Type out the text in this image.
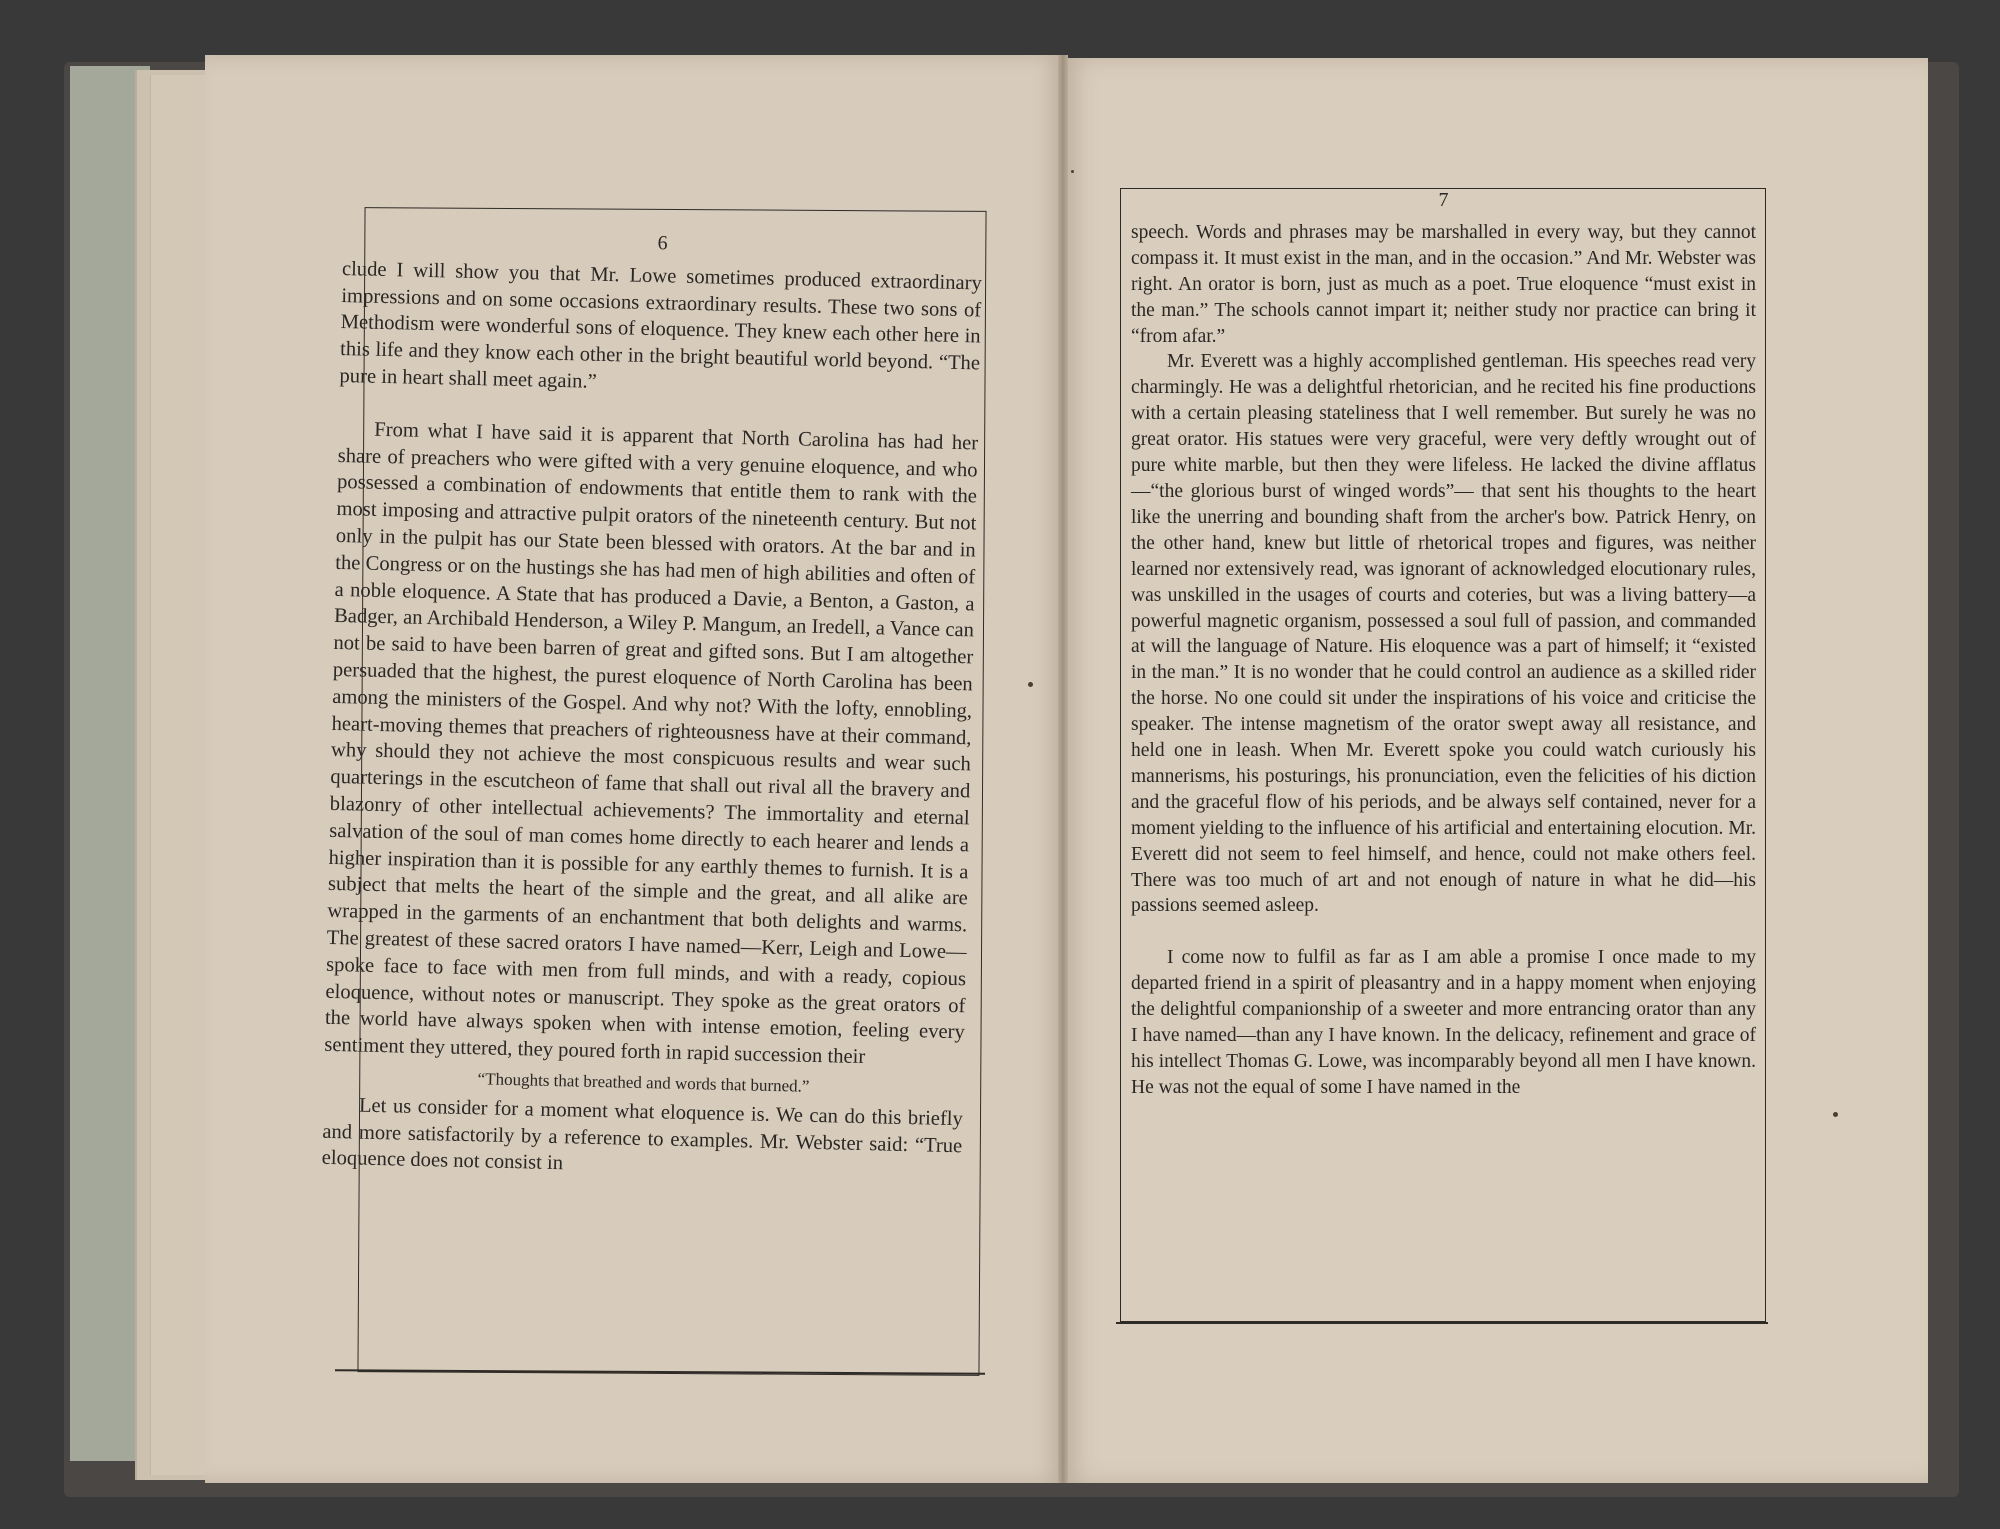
6

clude I will show you that Mr. Lowe sometimes produced extraordinary impressions and on some occasions extraordinary results. These two sons of Methodism were wonderful sons of eloquence. They knew each other here in this life and they know each other in the bright beautiful world beyond. “The pure in heart shall meet again.”

From what I have said it is apparent that North Carolina has had her share of preachers who were gifted with a very genuine eloquence, and who possessed a combination of endowments that entitle them to rank with the most imposing and attractive pulpit orators of the nineteenth century. But not only in the pulpit has our State been blessed with orators. At the bar and in the Congress or on the hustings she has had men of high abilities and often of a noble eloquence. A State that has produced a Davie, a Benton, a Gaston, a Badger, an Archibald Henderson, a Wiley P. Mangum, an Iredell, a Vance can not be said to have been barren of great and gifted sons. But I am altogether persuaded that the highest, the purest eloquence of North Carolina has been among the ministers of the Gospel. And why not? With the lofty, ennobling, heart-moving themes that preachers of righteousness have at their command, why should they not achieve the most conspicuous results and wear such quarterings in the escutcheon of fame that shall out rival all the bravery and blazonry of other intellectual achievements? The immortality and eternal salvation of the soul of man comes home directly to each hearer and lends a higher inspiration than it is possible for any earthly themes to furnish. It is a subject that melts the heart of the simple and the great, and all alike are wrapped in the garments of an enchantment that both delights and warms. The greatest of these sacred orators I have named—Kerr, Leigh and Lowe—spoke face to face with men from full minds, and with a ready, copious eloquence, without notes or manuscript. They spoke as the great orators of the world have always spoken when with intense emotion, feeling every sentiment they uttered, they poured forth in rapid succession their

“Thoughts that breathed and words that burned.”

Let us consider for a moment what eloquence is. We can do this briefly and more satisfactorily by a reference to examples. Mr. Webster said: “True eloquence does not consist in

7

speech. Words and phrases may be marshalled in every way, but they cannot compass it. It must exist in the man, and in the occasion.” And Mr. Webster was right. An orator is born, just as much as a poet. True eloquence “must exist in the man.” The schools cannot impart it; neither study nor practice can bring it “from afar.”

Mr. Everett was a highly accomplished gentleman. His speeches read very charmingly. He was a delightful rhetorician, and he recited his fine productions with a certain pleasing stateliness that I well remember. But surely he was no great orator. His statues were very graceful, were very deftly wrought out of pure white marble, but then they were lifeless. He lacked the divine afflatus—“the glorious burst of winged words”— that sent his thoughts to the heart like the unerring and bounding shaft from the archer's bow. Patrick Henry, on the other hand, knew but little of rhetorical tropes and figures, was neither learned nor extensively read, was ignorant of acknowledged elocutionary rules, was unskilled in the usages of courts and coteries, but was a living battery—a powerful magnetic organism, possessed a soul full of passion, and commanded at will the language of Nature. His eloquence was a part of himself; it “existed in the man.” It is no wonder that he could control an audience as a skilled rider the horse. No one could sit under the inspirations of his voice and criticise the speaker. The intense magnetism of the orator swept away all resistance, and held one in leash. When Mr. Everett spoke you could watch curiously his mannerisms, his posturings, his pronunciation, even the felicities of his diction and the graceful flow of his periods, and be always self contained, never for a moment yielding to the influence of his artificial and entertaining elocution. Mr. Everett did not seem to feel himself, and hence, could not make others feel. There was too much of art and not enough of nature in what he did—his passions seemed asleep.

I come now to fulfil as far as I am able a promise I once made to my departed friend in a spirit of pleasantry and in a happy moment when enjoying the delightful companionship of a sweeter and more entrancing orator than any I have named—than any I have known. In the delicacy, refinement and grace of his intellect Thomas G. Lowe, was incomparably beyond all men I have known. He was not the equal of some I have named in the
